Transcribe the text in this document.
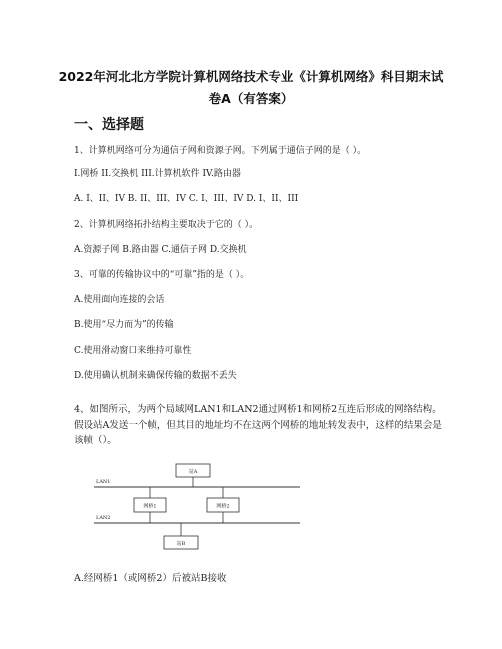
2022年河北北方学院计算机网络技术专业《计算机网络》科目期末试
卷A（有答案）
一、选择题
1、计算机网络可分为通信子网和资源子网。下列属于通信子网的是（ ）。
I.网桥 II.交换机 III.计算机软件 IV.路由器
A. I、II、IV B. II、III、IV C. I、III、IV D. I、II、III
2、计算机网络拓扑结构主要取决于它的（ ）。
A.资源子网 B.路由器 C.通信子网 D.交换机
3、可靠的传输协议中的“可靠”指的是（ ）。
A.使用面向连接的会话
B.使用“尽力而为”的传输
C.使用滑动窗口来维持可靠性
D.使用确认机制来确保传输的数据不丢失
4、如图所示，为两个局域网LAN1和LAN2通过网桥1和网桥2互连后形成的网络结构。假设站A发送一个帧，但其目的地址均不在这两个网桥的地址转发表中，这样的结果会是该帧（）。
站A
LAN1
网桥1	网桥2
LAN2
站B
A.经网桥1（或网桥2）后被站B接收
